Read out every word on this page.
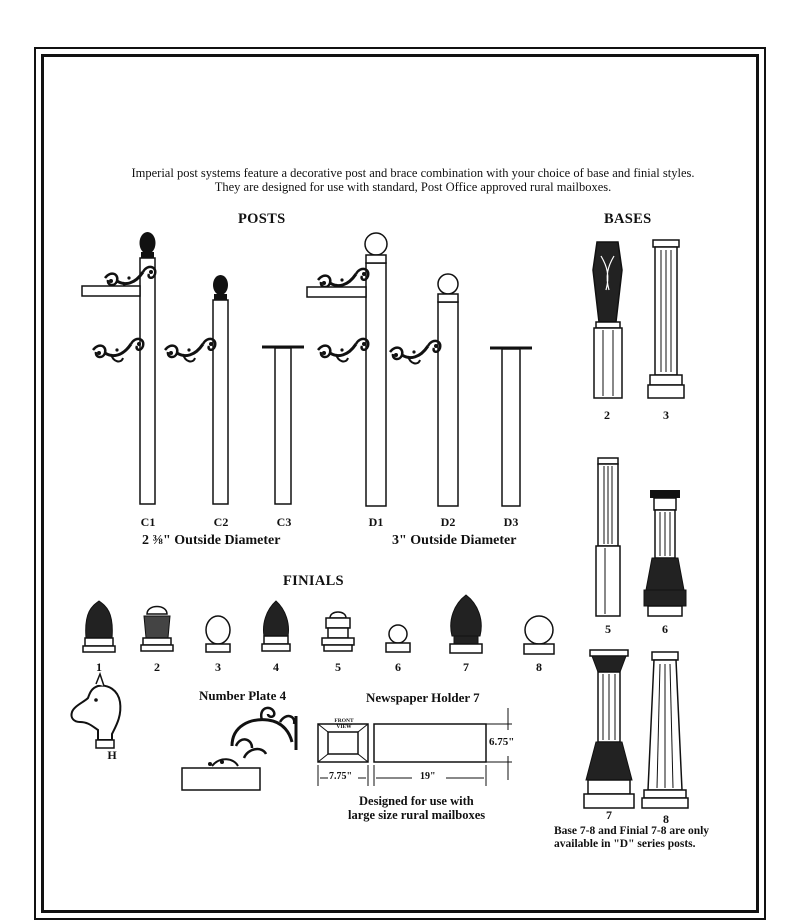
Imperial post systems feature a decorative post and brace combination with your choice of base and finial styles. They are designed for use with standard, Post Office approved rural mailboxes.
POSTS	BASES
FINIALS
C1	C2	C3	D1	D2	D3
2 ⅜" Outside Diameter	3" Outside Diameter
2	3
5	6
7	8
1	2	3	4	5	6	7	8
H
Number Plate 4	Newspaper Holder 7
FRONT VIEW
6.75"
7.75"	19"
Designed for use with
large size rural mailboxes
Base 7-8 and Finial 7-8 are only
available in "D" series posts.
